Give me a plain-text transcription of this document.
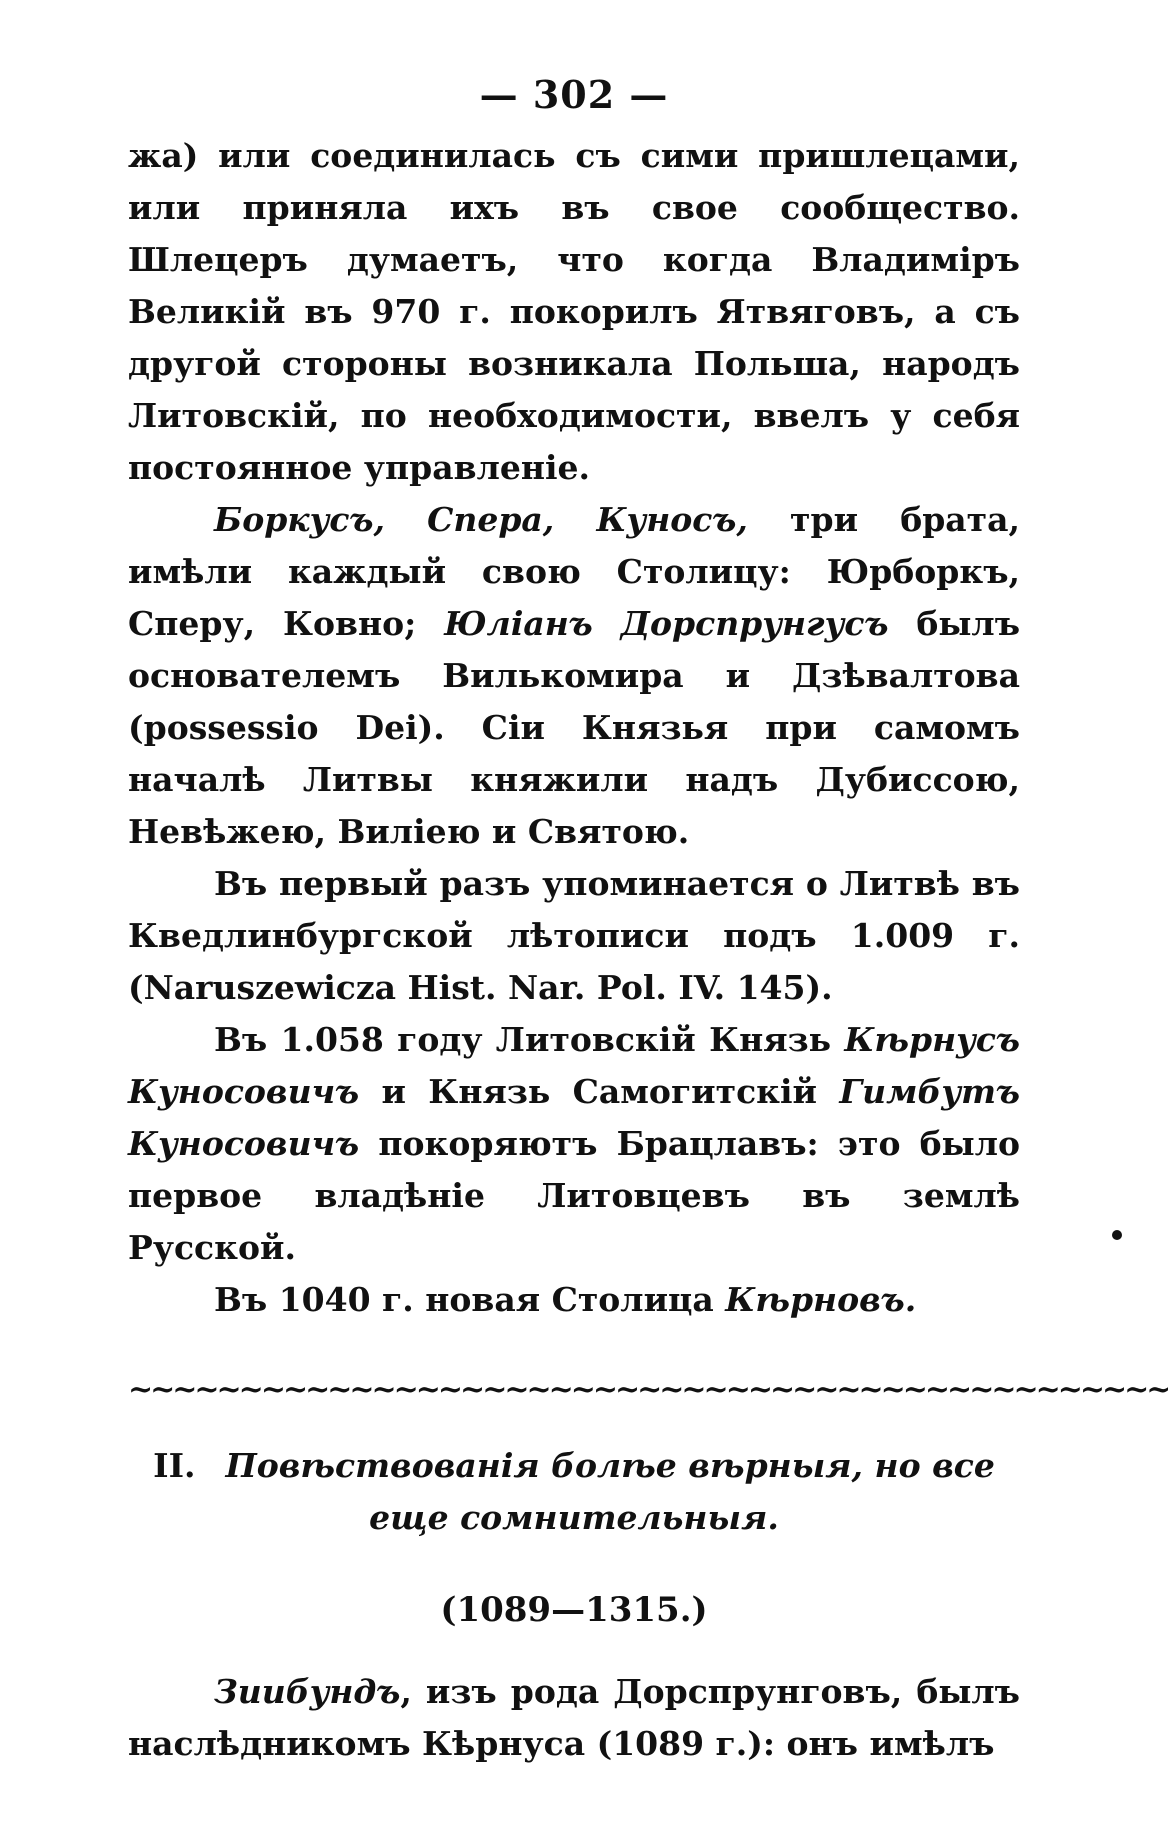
— 302 —

жа) или соединилась съ сими пришлецами, или приняла ихъ въ свое сообщество. Шлецеръ думаетъ, что когда Владиміръ Великій въ 970 г. покорилъ Ятвяговъ, а съ другой стороны возникала Польша, народъ Литовскій, по необходимости, ввелъ у себя постоянное управленіе.

Боркусъ, Спера, Куносъ, три брата, имѣли каждый свою Столицу: Юрборкъ, Сперу, Ковно; Юліанъ Дорспрунгусъ былъ основателемъ Вилькомира и Дзѣвалтова (possessio Dei). Сіи Князья при самомъ началѣ Литвы княжили надъ Дубиссою, Невѣжею, Виліею и Святою.

Въ первый разъ упоминается о Литвѣ въ Кведлинбургской лѣтописи подъ 1.009 г. (Naruszewicza Hist. Nar. Pol. IV. 145).

Въ 1.058 году Литовскій Князь Кѣрнусъ Куносовичъ и Князь Самогитскій Гимбутъ Куносовичъ покоряютъ Брацлавъ: это было первое владѣніе Литовцевъ въ землѣ Русской.

Въ 1040 г. новая Столица Кѣрновъ.

~~~~~~~~~~~~~~~~~~~~~~~~~~~~~~~~~~~~~~~~~~~~~~~
II. Повѣствованія болѣе вѣрныя, но все еще сомнительныя.
(1089—1315.)

Зиибундъ, изъ рода Дорспрунговъ, былъ наслѣдникомъ Кѣрнуса (1089 г.): онъ имѣлъ
